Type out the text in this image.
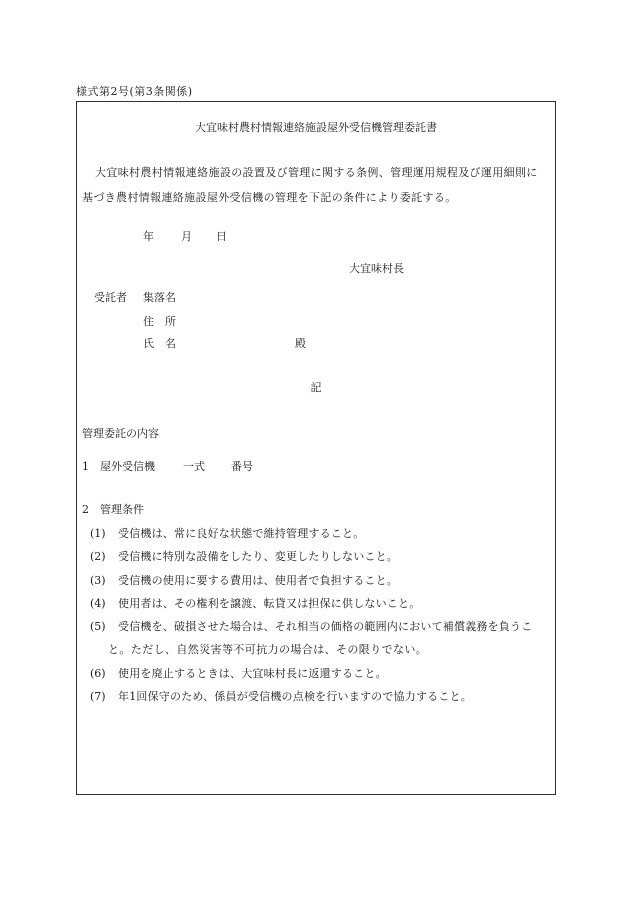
様式第2号(第3条関係)
大宜味村農村情報連絡施設屋外受信機管理委託書
大宜味村農村情報連絡施設の設置及び管理に関する条例、管理運用規程及び運用細則に
基づき農村情報連絡施設屋外受信機の管理を下記の条件により委託する。
年 月 日
大宜味村長
受託者 集落名
住　所
氏　名	殿
記
管理委託の内容
1 屋外受信機	一式 番号
2　管理条件
(1) 受信機は、常に良好な状態で維持管理すること。
(2) 受信機に特別な設備をしたり、変更したりしないこと。
(3) 受信機の使用に要する費用は、使用者で負担すること。
(4) 使用者は、その権利を譲渡、転貸又は担保に供しないこと。
(5) 受信機を、破損させた場合は、それ相当の価格の範囲内において補償義務を負うこ
と。ただし、自然災害等不可抗力の場合は、その限りでない。
(6) 使用を廃止するときは、大宜味村長に返還すること。
(7) 年1回保守のため、係員が受信機の点検を行いますので協力すること。
